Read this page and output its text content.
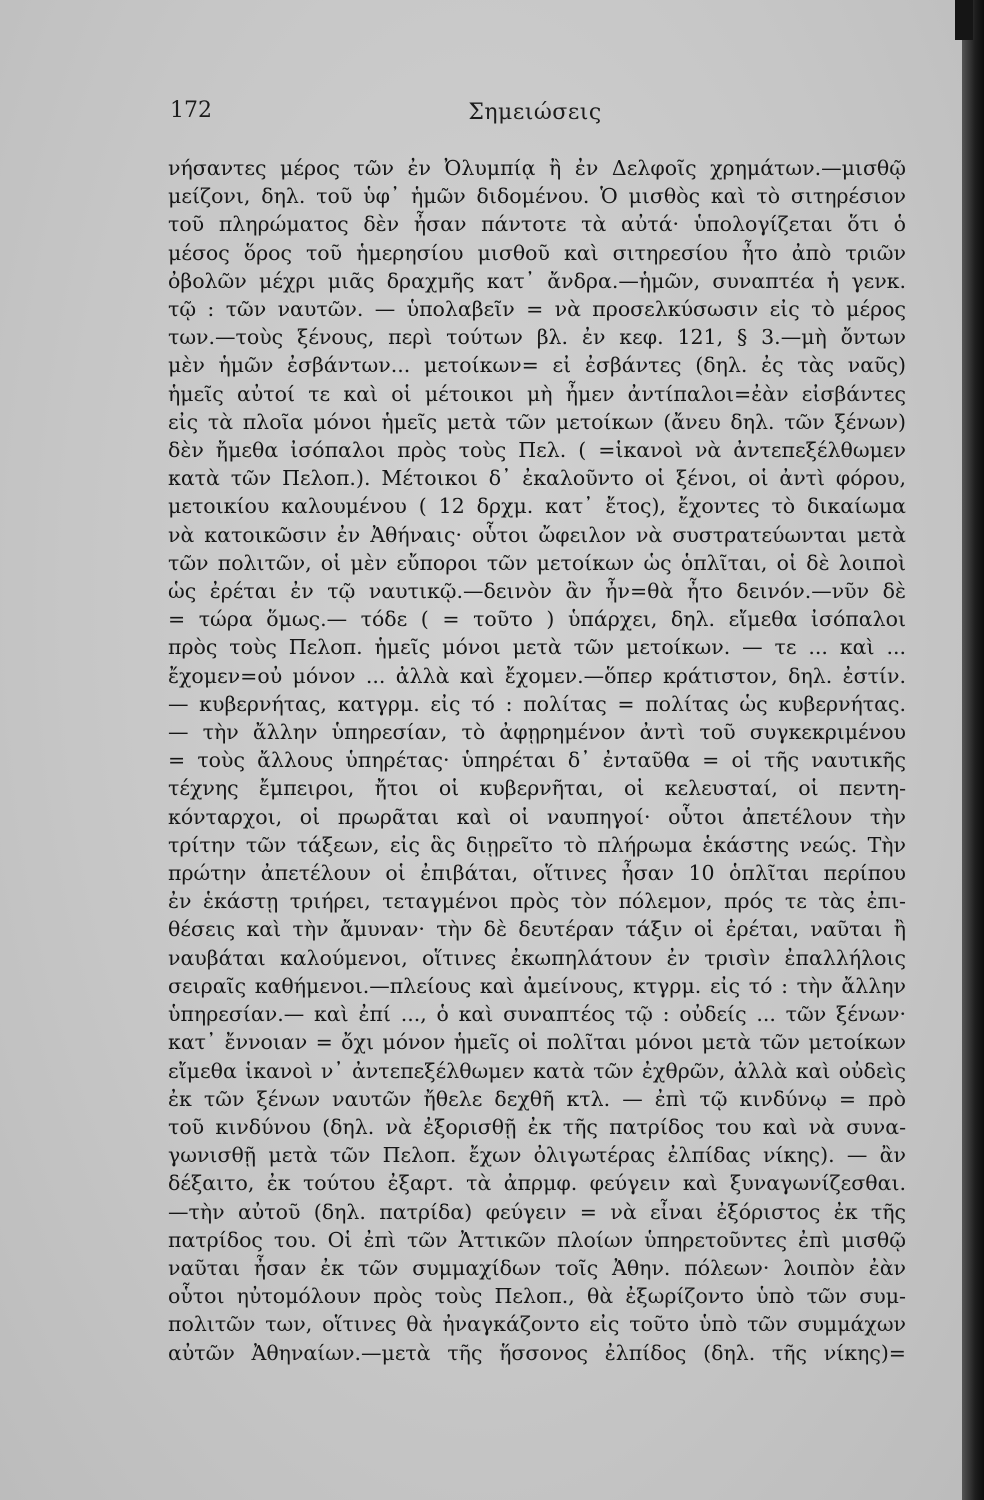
172	Σημειώσεις
νήσαντες μέρος τῶν ἐν Ὀλυμπίᾳ ἢ ἐν Δελφοῖς χρημάτων.—μισθῷ
μείζονι, δηλ. τοῦ ὑφ᾽ ἡμῶν διδομένου. Ὁ μισθὸς καὶ τὸ σιτηρέσιον
τοῦ πληρώματος δὲν ἦσαν πάντοτε τὰ αὐτά· ὑπολογίζεται ὅτι ὁ
μέσος ὅρος τοῦ ἡμερησίου μισθοῦ καὶ σιτηρεσίου ἦτο ἀπὸ τριῶν
ὀβολῶν μέχρι μιᾶς δραχμῆς κατ᾽ ἄνδρα.—ἡμῶν, συναπτέα ἡ γενκ.
τῷ : τῶν ναυτῶν. — ὑπολαβεῖν = νὰ προσελκύσωσιν εἰς τὸ μέρος
των.—τοὺς ξένους, περὶ τούτων βλ. ἐν κεφ. 121, § 3.—μὴ ὄντων
μὲν ἡμῶν ἐσβάντων... μετοίκων= εἰ ἐσβάντες (δηλ. ἐς τὰς ναῦς)
ἡμεῖς αὐτοί τε καὶ οἱ μέτοικοι μὴ ἦμεν ἀντίπαλοι=ἐὰν εἰσβάντες
εἰς τὰ πλοῖα μόνοι ἡμεῖς μετὰ τῶν μετοίκων (ἄνευ δηλ. τῶν ξένων)
δὲν ἤμεθα ἰσόπαλοι πρὸς τοὺς Πελ. ( =ἱκανοὶ νὰ ἀντεπεξέλθωμεν
κατὰ τῶν Πελοπ.). Μέτοικοι δ᾽ ἐκαλοῦντο οἱ ξένοι, οἱ ἀντὶ φόρου,
μετοικίου καλουμένου ( 12 δρχμ. κατ᾽ ἔτος), ἔχοντες τὸ δικαίωμα
νὰ κατοικῶσιν ἐν Ἀθήναις· οὗτοι ὤφειλον νὰ συστρατεύωνται μετὰ
τῶν πολιτῶν, οἱ μὲν εὔποροι τῶν μετοίκων ὡς ὁπλῖται, οἱ δὲ λοιποὶ
ὡς ἐρέται ἐν τῷ ναυτικῷ.—δεινὸν ἂν ἦν=θὰ ἦτο δεινόν.—νῦν δὲ
= τώρα ὅμως.— τόδε ( = τοῦτο ) ὑπάρχει, δηλ. εἴμεθα ἰσόπαλοι
πρὸς τοὺς Πελοπ. ἡμεῖς μόνοι μετὰ τῶν μετοίκων. — τε ... καὶ ...
ἔχομεν=οὐ μόνον ... ἀλλὰ καὶ ἔχομεν.—ὅπερ κράτιστον, δηλ. ἐστίν.
— κυβερνήτας, κατγρμ. εἰς τό : πολίτας = πολίτας ὡς κυβερνήτας.
— τὴν ἄλλην ὑπηρεσίαν, τὸ ἀφῃρημένον ἀντὶ τοῦ συγκεκριμένου
= τοὺς ἄλλους ὑπηρέτας· ὑπηρέται δ᾽ ἐνταῦθα = οἱ τῆς ναυτικῆς
τέχνης ἔμπειροι, ἤτοι οἱ κυβερνῆται, οἱ κελευσταί, οἱ πεντη-
κόνταρχοι, οἱ πρωρᾶται καὶ οἱ ναυπηγοί· οὗτοι ἀπετέλουν τὴν
τρίτην τῶν τάξεων, εἰς ἃς διῃρεῖτο τὸ πλήρωμα ἑκάστης νεώς. Τὴν
πρώτην ἀπετέλουν οἱ ἐπιβάται, οἵτινες ἦσαν 10 ὁπλῖται περίπου
ἐν ἑκάστῃ τριήρει, τεταγμένοι πρὸς τὸν πόλεμον, πρός τε τὰς ἐπι-
θέσεις καὶ τὴν ἄμυναν· τὴν δὲ δευτέραν τάξιν οἱ ἐρέται, ναῦται ἢ
ναυβάται καλούμενοι, οἵτινες ἐκωπηλάτουν ἐν τρισὶν ἐπαλλήλοις
σειραῖς καθήμενοι.—πλείους καὶ ἀμείνους, κτγρμ. εἰς τό : τὴν ἄλλην
ὑπηρεσίαν.— καὶ ἐπί ..., ὁ καὶ συναπτέος τῷ : οὐδείς ... τῶν ξένων·
κατ᾽ ἔννοιαν = ὄχι μόνον ἡμεῖς οἱ πολῖται μόνοι μετὰ τῶν μετοίκων
εἴμεθα ἱκανοὶ ν᾽ ἀντεπεξέλθωμεν κατὰ τῶν ἐχθρῶν, ἀλλὰ καὶ οὐδεὶς
ἐκ τῶν ξένων ναυτῶν ἤθελε δεχθῆ κτλ. — ἐπὶ τῷ κινδύνῳ = πρὸ
τοῦ κινδύνου (δηλ. νὰ ἐξορισθῇ ἐκ τῆς πατρίδος του καὶ νὰ συνα-
γωνισθῇ μετὰ τῶν Πελοπ. ἔχων ὀλιγωτέρας ἐλπίδας νίκης). — ἂν
δέξαιτο, ἐκ τούτου ἐξαρτ. τὰ ἀπρμφ. φεύγειν καὶ ξυναγωνίζεσθαι.
—τὴν αὐτοῦ (δηλ. πατρίδα) φεύγειν = νὰ εἶναι ἐξόριστος ἐκ τῆς
πατρίδος του. Οἱ ἐπὶ τῶν Ἀττικῶν πλοίων ὑπηρετοῦντες ἐπὶ μισθῷ
ναῦται ἦσαν ἐκ τῶν συμμαχίδων τοῖς Ἀθην. πόλεων· λοιπὸν ἐὰν
οὗτοι ηὐτομόλουν πρὸς τοὺς Πελοπ., θὰ ἐξωρίζοντο ὑπὸ τῶν συμ-
πολιτῶν των, οἵτινες θὰ ἠναγκάζοντο εἰς τοῦτο ὑπὸ τῶν συμμάχων
αὐτῶν Ἀθηναίων.—μετὰ τῆς ἥσσονος ἐλπίδος (δηλ. τῆς νίκης)=
